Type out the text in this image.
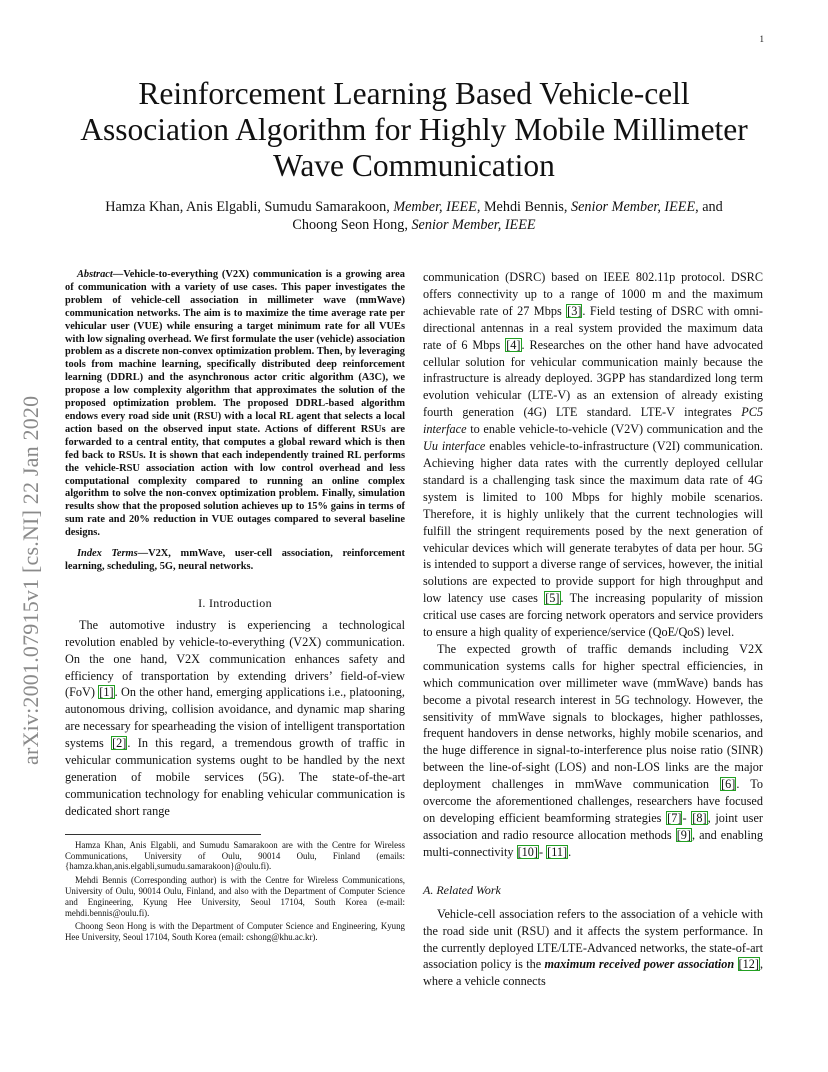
1
arXiv:2001.07915v1 [cs.NI] 22 Jan 2020
Reinforcement Learning Based Vehicle-cell Association Algorithm for Highly Mobile Millimeter Wave Communication
Hamza Khan, Anis Elgabli, Sumudu Samarakoon, Member, IEEE, Mehdi Bennis, Senior Member, IEEE, and
Choong Seon Hong, Senior Member, IEEE

Abstract—Vehicle-to-everything (V2X) communication is a growing area of communication with a variety of use cases. This paper investigates the problem of vehicle-cell association in millimeter wave (mmWave) communication networks. The aim is to maximize the time average rate per vehicular user (VUE) while ensuring a target minimum rate for all VUEs with low signaling overhead. We first formulate the user (vehicle) association problem as a discrete non-convex optimization problem. Then, by leveraging tools from machine learning, specifically distributed deep reinforcement learning (DDRL) and the asynchronous actor critic algorithm (A3C), we propose a low complexity algorithm that approximates the solution of the proposed optimization problem. The proposed DDRL-based algorithm endows every road side unit (RSU) with a local RL agent that selects a local action based on the observed input state. Actions of different RSUs are forwarded to a central entity, that computes a global reward which is then fed back to RSUs. It is shown that each independently trained RL performs the vehicle-RSU association action with low control overhead and less computational complexity compared to running an online complex algorithm to solve the non-convex optimization problem. Finally, simulation results show that the proposed solution achieves up to 15% gains in terms of sum rate and 20% reduction in VUE outages compared to several baseline designs.

Index Terms—V2X, mmWave, user-cell association, reinforcement learning, scheduling, 5G, neural networks.

I. Introduction

The automotive industry is experiencing a technological revolution enabled by vehicle-to-everything (V2X) communication. On the one hand, V2X communication enhances safety and efficiency of transportation by extending drivers’ field-of-view (FoV) [1]. On the other hand, emerging applications i.e., platooning, autonomous driving, collision avoidance, and dynamic map sharing are necessary for spearheading the vision of intelligent transportation systems [2]. In this regard, a tremendous growth of traffic in vehicular communication systems ought to be handled by the next generation of mobile services (5G). The state-of-the-art communication technology for enabling vehicular communication is dedicated short range

Hamza Khan, Anis Elgabli, and Sumudu Samarakoon are with the Centre for Wireless Communications, University of Oulu, 90014 Oulu, Finland (emails: {hamza.khan,anis.elgabli,sumudu.samarakoon}@oulu.fi).

Mehdi Bennis (Corresponding author) is with the Centre for Wireless Communications, University of Oulu, 90014 Oulu, Finland, and also with the Department of Computer Science and Engineering, Kyung Hee University, Seoul 17104, South Korea (e-mail: mehdi.bennis@oulu.fi).

Choong Seon Hong is with the Department of Computer Science and Engineering, Kyung Hee University, Seoul 17104, South Korea (email: cshong@khu.ac.kr).

communication (DSRC) based on IEEE 802.11p protocol. DSRC offers connectivity up to a range of 1000 m and the maximum achievable rate of 27 Mbps [3]. Field testing of DSRC with omni-directional antennas in a real system provided the maximum data rate of 6 Mbps [4]. Researches on the other hand have advocated cellular solution for vehicular communication mainly because the infrastructure is already deployed. 3GPP has standardized long term evolution vehicular (LTE-V) as an extension of already existing fourth generation (4G) LTE standard. LTE-V integrates PC5 interface to enable vehicle-to-vehicle (V2V) communication and the Uu interface enables vehicle-to-infrastructure (V2I) communication. Achieving higher data rates with the currently deployed cellular standard is a challenging task since the maximum data rate of 4G system is limited to 100 Mbps for highly mobile scenarios. Therefore, it is highly unlikely that the current technologies will fulfill the stringent requirements posed by the next generation of vehicular devices which will generate terabytes of data per hour. 5G is intended to support a diverse range of services, however, the initial solutions are expected to provide support for high throughput and low latency use cases [5]. The increasing popularity of mission critical use cases are forcing network operators and service providers to ensure a high quality of experience/service (QoE/QoS) level.

The expected growth of traffic demands including V2X communication systems calls for higher spectral efficiencies, in which communication over millimeter wave (mmWave) bands has become a pivotal research interest in 5G technology. However, the sensitivity of mmWave signals to blockages, higher pathlosses, frequent handovers in dense networks, highly mobile scenarios, and the huge difference in signal-to-interference plus noise ratio (SINR) between the line-of-sight (LOS) and non-LOS links are the major deployment challenges in mmWave communication [6]. To overcome the aforementioned challenges, researchers have focused on developing efficient beamforming strategies [7]- [8], joint user association and radio resource allocation methods [9], and enabling multi-connectivity [10]- [11].

A. Related Work

Vehicle-cell association refers to the association of a vehicle with the road side unit (RSU) and it affects the system performance. In the currently deployed LTE/LTE-Advanced networks, the state-of-art association policy is the maximum received power association [12], where a vehicle connects
